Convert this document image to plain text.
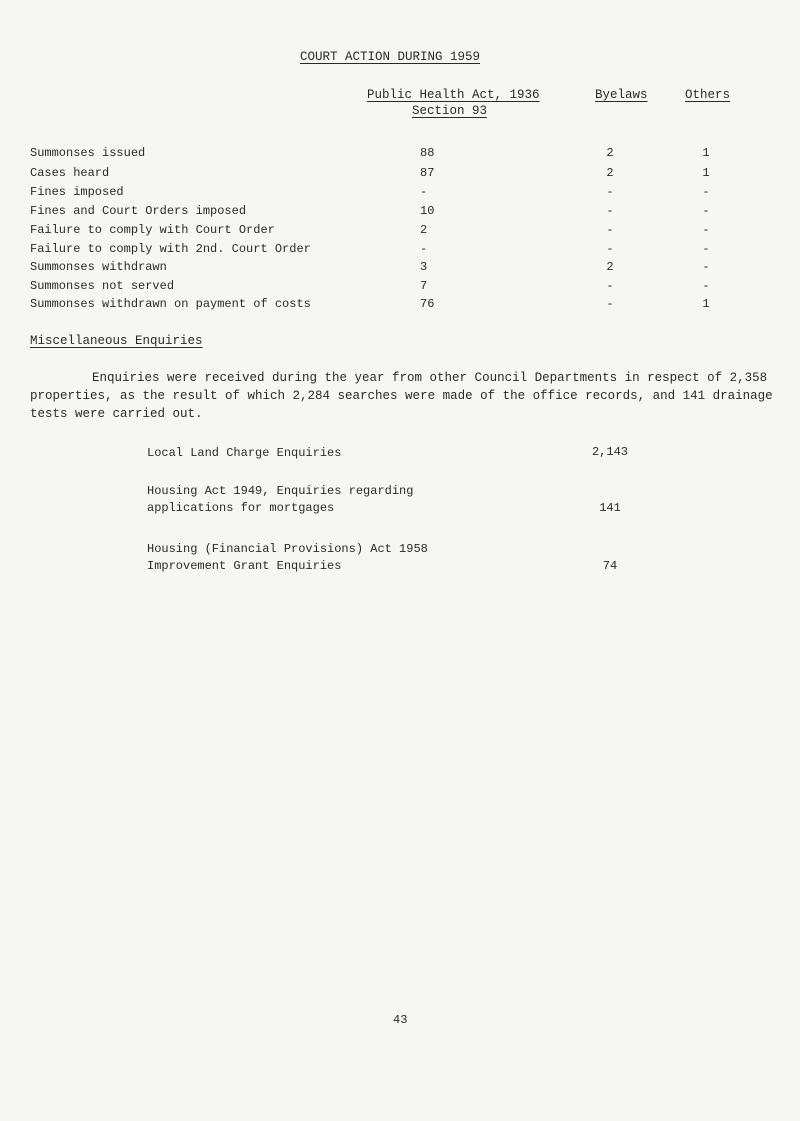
COURT ACTION DURING 1959
Public Health Act, 1936
Section 93
Byelaws	Others
Summonses issued	88	2	1
Cases heard	87	2	1
Fines imposed	-	-	-
Fines and Court Orders imposed	10	-	-
Failure to comply with Court Order	2	-	-
Failure to comply with 2nd. Court Order	-	-	-
Summonses withdrawn	3	2	-
Summonses not served	7	-	-
Summonses withdrawn on payment of costs	76	-	1
Miscellaneous Enquiries
Enquiries were received during the year from other Council Departments in respect of 2,358 properties, as the result of which 2,284 searches were made of the office records, and 141 drainage tests were carried out.
Local Land Charge Enquiries	2,143
Housing Act 1949, Enquiries regarding
applications for mortgages	141
Housing (Financial Provisions) Act 1958
Improvement Grant Enquiries	74
43
